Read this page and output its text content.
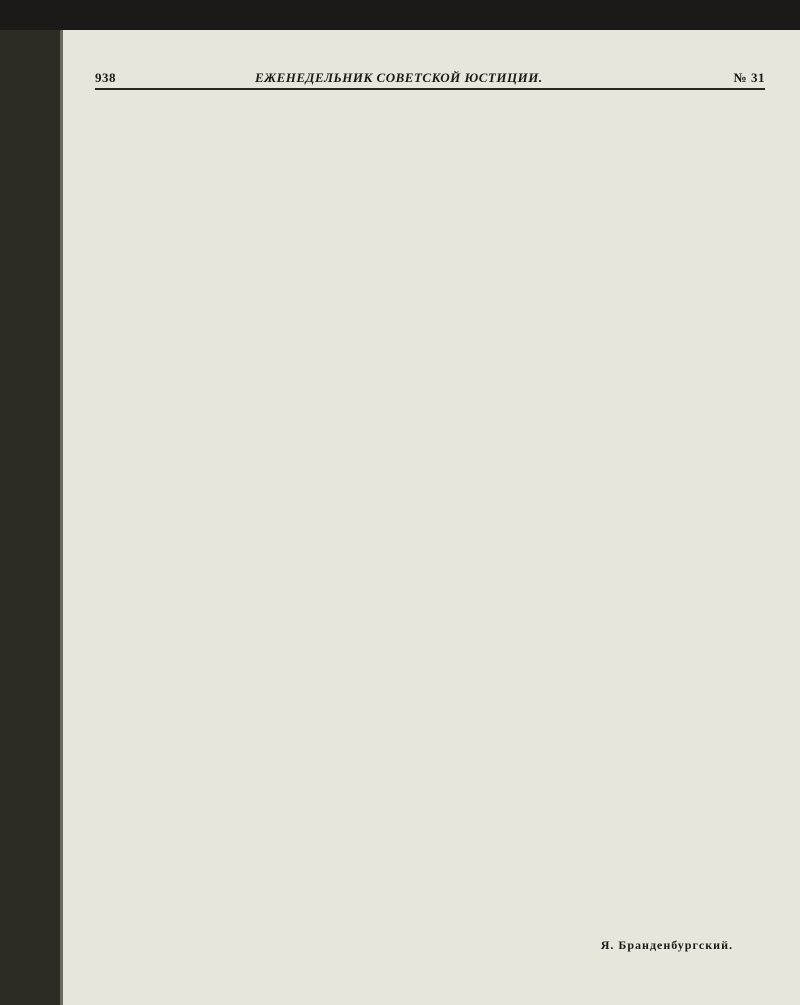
938	ЕЖЕНЕДЕЛЬНИК СОВЕТСКОЙ ЮСТИЦИИ.	№ 31
Я. Бранденбургский.
